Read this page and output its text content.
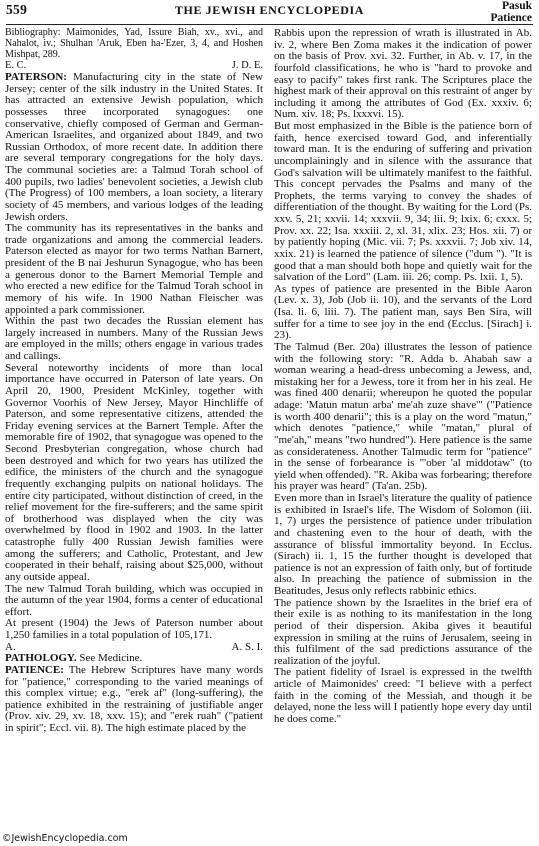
559	THE JEWISH ENCYCLOPEDIA	Pasuk
Patience

Bibliography: Maimonides, Yad, Issure Biah, xv., xvi., and Nahalot, iv.; Shulhan 'Aruk, Eben ha-'Ezer, 3, 4, and Hoshen Mishpat, 289.

E. C.	J. D. E.

PATERSON: Manufacturing city in the state of New Jersey; center of the silk industry in the United States. It has attracted an extensive Jewish population, which possesses three incorporated synagogues: one conservative, chiefly composed of German and German-American Israelites, and organized about 1849, and two Russian Orthodox, of more recent date. In addition there are several temporary congregations for the holy days. The communal societies are: a Talmud Torah school of 400 pupils, two ladies' benevolent societies, a Jewish club (The Progress) of 100 members, a loan society, a literary society of 45 members, and various lodges of the leading Jewish orders.

The community has its representatives in the banks and trade organizations and among the commercial leaders. Paterson elected as mayor for two terms Nathan Barnert, president of the B nai Jeshurun Synagogue, who has been a generous donor to the Barnert Memorial Temple and who erected a new edifice for the Talmud Torah school in memory of his wife. In 1900 Nathan Fleischer was appointed a park commissioner.

Within the past two decades the Russian element has largely increased in numbers. Many of the Russian Jews are employed in the mills; others engage in various trades and callings.

Several noteworthy incidents of more than local importance have occurred in Paterson of late years. On April 20, 1900, President McKinley, together with Governor Voorhis of New Jersey, Mayor Hinchliffe of Paterson, and some representative citizens, attended the Friday evening services at the Barnert Temple. After the memorable fire of 1902, that synagogue was opened to the Second Presbyterian congregation, whose church had been destroyed and which for two years has utilized the edifice, the ministers of the church and the synagogue frequently exchanging pulpits on national holidays. The entire city participated, without distinction of creed, in the relief movement for the fire-sufferers; and the same spirit of brotherhood was displayed when the city was overwhelmed by flood in 1902 and 1903. In the latter catastrophe fully 400 Russian Jewish families were among the sufferers; and Catholic, Protestant, and Jew cooperated in their behalf, raising about $25,000, without any outside appeal.

The new Talmud Torah building, which was occupied in the autumn of the year 1904, forms a center of educational effort.

At present (1904) the Jews of Paterson number about 1,250 families in a total population of 105,171.

A.	A. S. I.

PATHOLOGY. See Medicine.

PATIENCE: The Hebrew Scriptures have many words for "patience," corresponding to the varied meanings of this complex virtue; e.g., "erek af" (long-suffering), the patience exhibited in the restraining of justifiable anger (Prov. xiv. 29, xv. 18, xxv. 15); and "erek ruah" ("patient in spirit"; Eccl. vii. 8). The high estimate placed by the

Rabbis upon the repression of wrath is illustrated in Ab. iv. 2, where Ben Zoma makes it the indication of power on the basis of Prov. xvi. 32. Further, in Ab. v. 17, in the fourfold classifications, he who is "hard to provoke and easy to pacify" takes first rank. The Scriptures place the highest mark of their approval on this restraint of anger by including it among the attributes of God (Ex. xxxiv. 6; Num. xiv. 18; Ps. lxxxvi. 15).

But most emphasized in the Bible is the patience born of faith, hence exercised toward God, and inferentially toward man. It is the enduring of suffering and privation uncomplainingly and in silence with the assurance that God's salvation will be ultimately manifest to the faithful. This concept pervades the Psalms and many of the Prophets, the terms varying to convey the shades of differentiation of the thought. By waiting for the Lord (Ps. xxv. 5, 21; xxvii. 14; xxxvii. 9, 34; lii. 9; lxix. 6; cxxx. 5; Prov. xx. 22; Isa. xxxiii. 2, xl. 31, xlix. 23; Hos. xii. 7) or by patiently hoping (Mic. vii. 7; Ps. xxxvii. 7; Job xiv. 14, xxix. 21) is learned the patience of silence ("dum "). "It is good that a man should both hope and quietly wait for the salvation of the Lord" (Lam. iii. 26; comp. Ps. lxii. 1, 5).

As types of patience are presented in the Bible Aaron (Lev. x. 3), Job (Job ii. 10), and the servants of the Lord (Isa. li. 6, liii. 7). The patient man, says Ben Sira, will suffer for a time to see joy in the end (Ecclus. [Sirach] i. 23).

The Talmud (Ber. 20a) illustrates the lesson of patience with the following story: "R. Adda b. Ahabah saw a woman wearing a head-dress unbecoming a Jewess, and, mistaking her for a Jewess, tore it from her in his zeal. He was fined 400 denarii; whereupon he quoted the popular adage: 'Matun matun arba' me'ah zuze shave'" ("Patience is worth 400 denarii"; this is a play on the word "matun," which denotes "patience," while "matan," plural of "me'ah," means "two hundred"). Here patience is the same as considerateness. Another Talmudic term for "patience" in the sense of forbearance is "'ober 'al middotaw" (to yield when offended). "R. Akiba was forbearing; therefore his prayer was heard" (Ta'an. 25b).

Even more than in Israel's literature the quality of patience is exhibited in Israel's life. The Wisdom of Solomon (iii. 1, 7) urges the persistence of patience under tribulation and chastening even to the hour of death, with the assurance of blissful immortality beyond. In Ecclus. (Sirach) ii. 1, 15 the further thought is developed that patience is not an expression of faith only, but of fortitude also. In preaching the patience of submission in the Beatitudes, Jesus only reflects rabbinic ethics.

The patience shown by the Israelites in the brief era of their exile is as nothing to its manifestation in the long period of their dispersion. Akiba gives it beautiful expression in smiling at the ruins of Jerusalem, seeing in this fulfilment of the sad predictions assurance of the realization of the joyful.

The patient fidelity of Israel is expressed in the twelfth article of Maimonides' creed: "I believe with a perfect faith in the coming of the Messiah, and though it be delayed, none the less will I patiently hope every day until he does come."

©JewishEncyclopedia.com
